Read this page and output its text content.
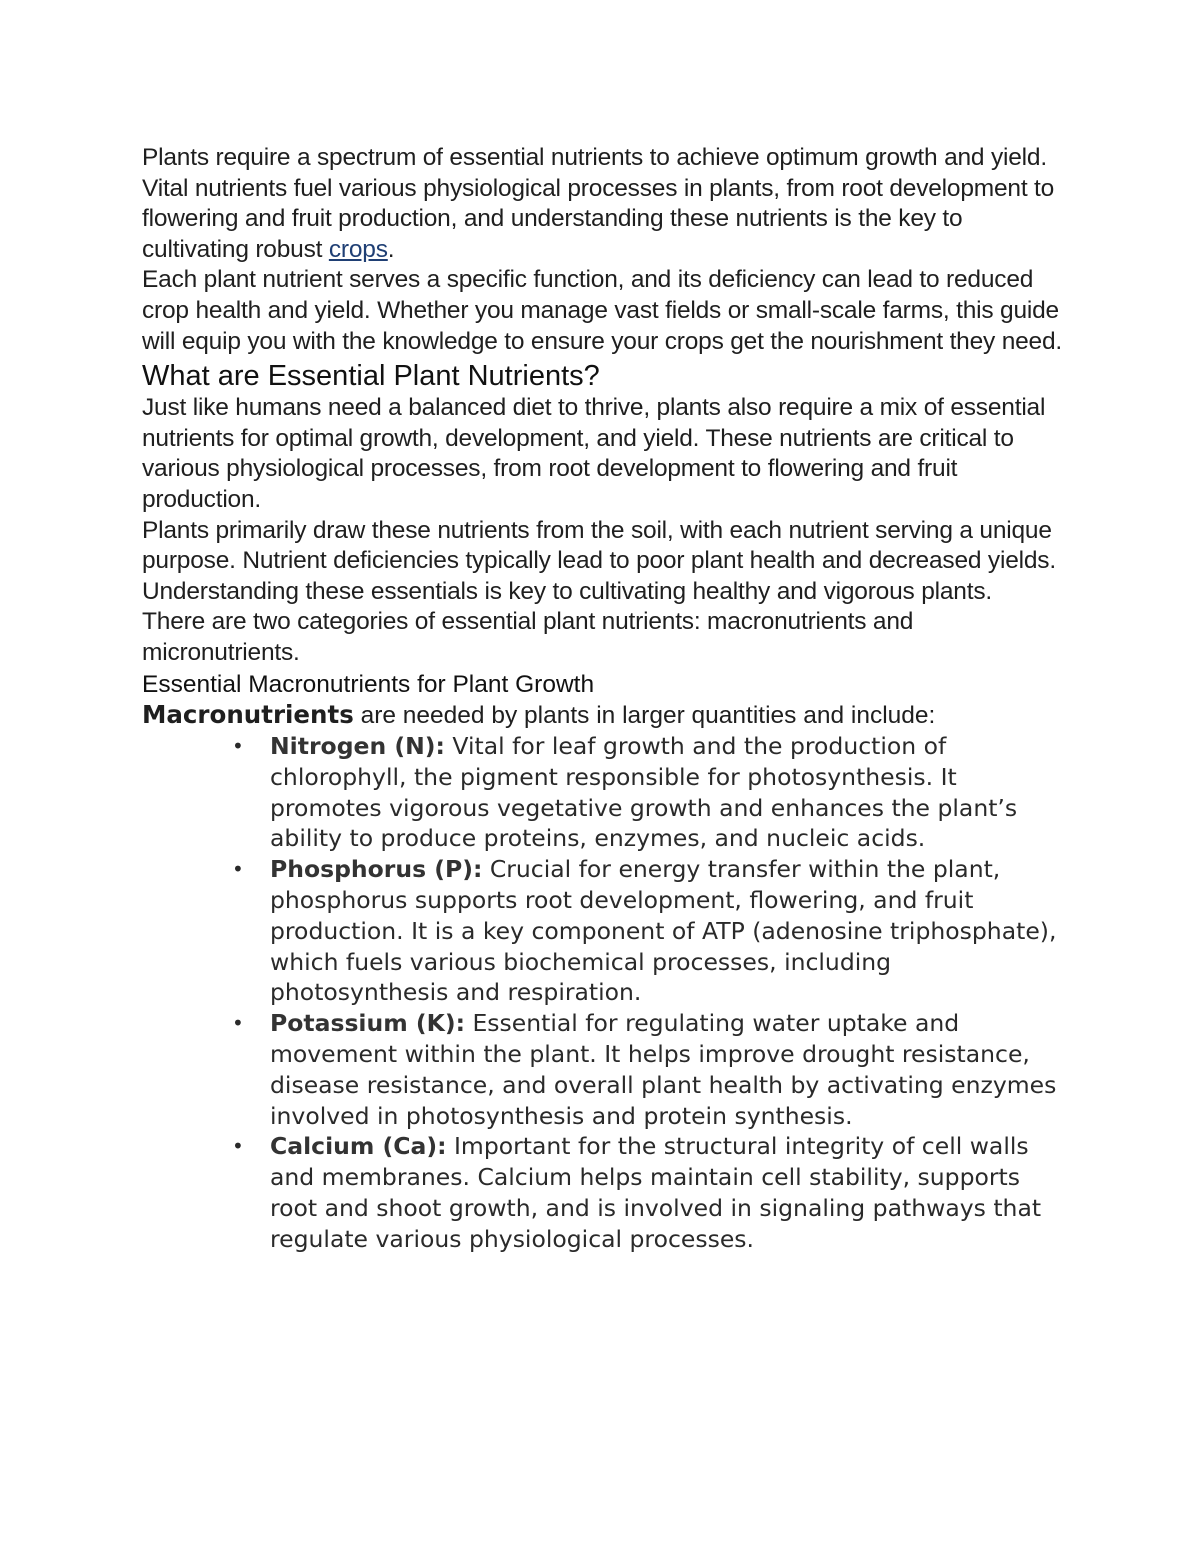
Plants require a spectrum of essential nutrients to achieve optimum growth and yield. Vital nutrients fuel various physiological processes in plants, from root development to flowering and fruit production, and understanding these nutrients is the key to cultivating robust crops.

Each plant nutrient serves a specific function, and its deficiency can lead to reduced crop health and yield. Whether you manage vast fields or small-scale farms, this guide will equip you with the knowledge to ensure your crops get the nourishment they need.

What are Essential Plant Nutrients?

Just like humans need a balanced diet to thrive, plants also require a mix of essential nutrients for optimal growth, development, and yield. These nutrients are critical to various physiological processes, from root development to flowering and fruit production.

Plants primarily draw these nutrients from the soil, with each nutrient serving a unique purpose. Nutrient deficiencies typically lead to poor plant health and decreased yields. Understanding these essentials is key to cultivating healthy and vigorous plants.

There are two categories of essential plant nutrients: macronutrients and micronutrients.

Essential Macronutrients for Plant Growth

Macronutrients are needed by plants in larger quantities and include:

• Nitrogen (N): Vital for leaf growth and the production of chlorophyll, the pigment responsible for photosynthesis. It promotes vigorous vegetative growth and enhances the plant’s ability to produce proteins, enzymes, and nucleic acids.
• Phosphorus (P): Crucial for energy transfer within the plant, phosphorus supports root development, flowering, and fruit production. It is a key component of ATP (adenosine triphosphate), which fuels various biochemical processes, including photosynthesis and respiration.
• Potassium (K): Essential for regulating water uptake and movement within the plant. It helps improve drought resistance, disease resistance, and overall plant health by activating enzymes involved in photosynthesis and protein synthesis.
• Calcium (Ca): Important for the structural integrity of cell walls and membranes. Calcium helps maintain cell stability, supports root and shoot growth, and is involved in signaling pathways that regulate various physiological processes.
